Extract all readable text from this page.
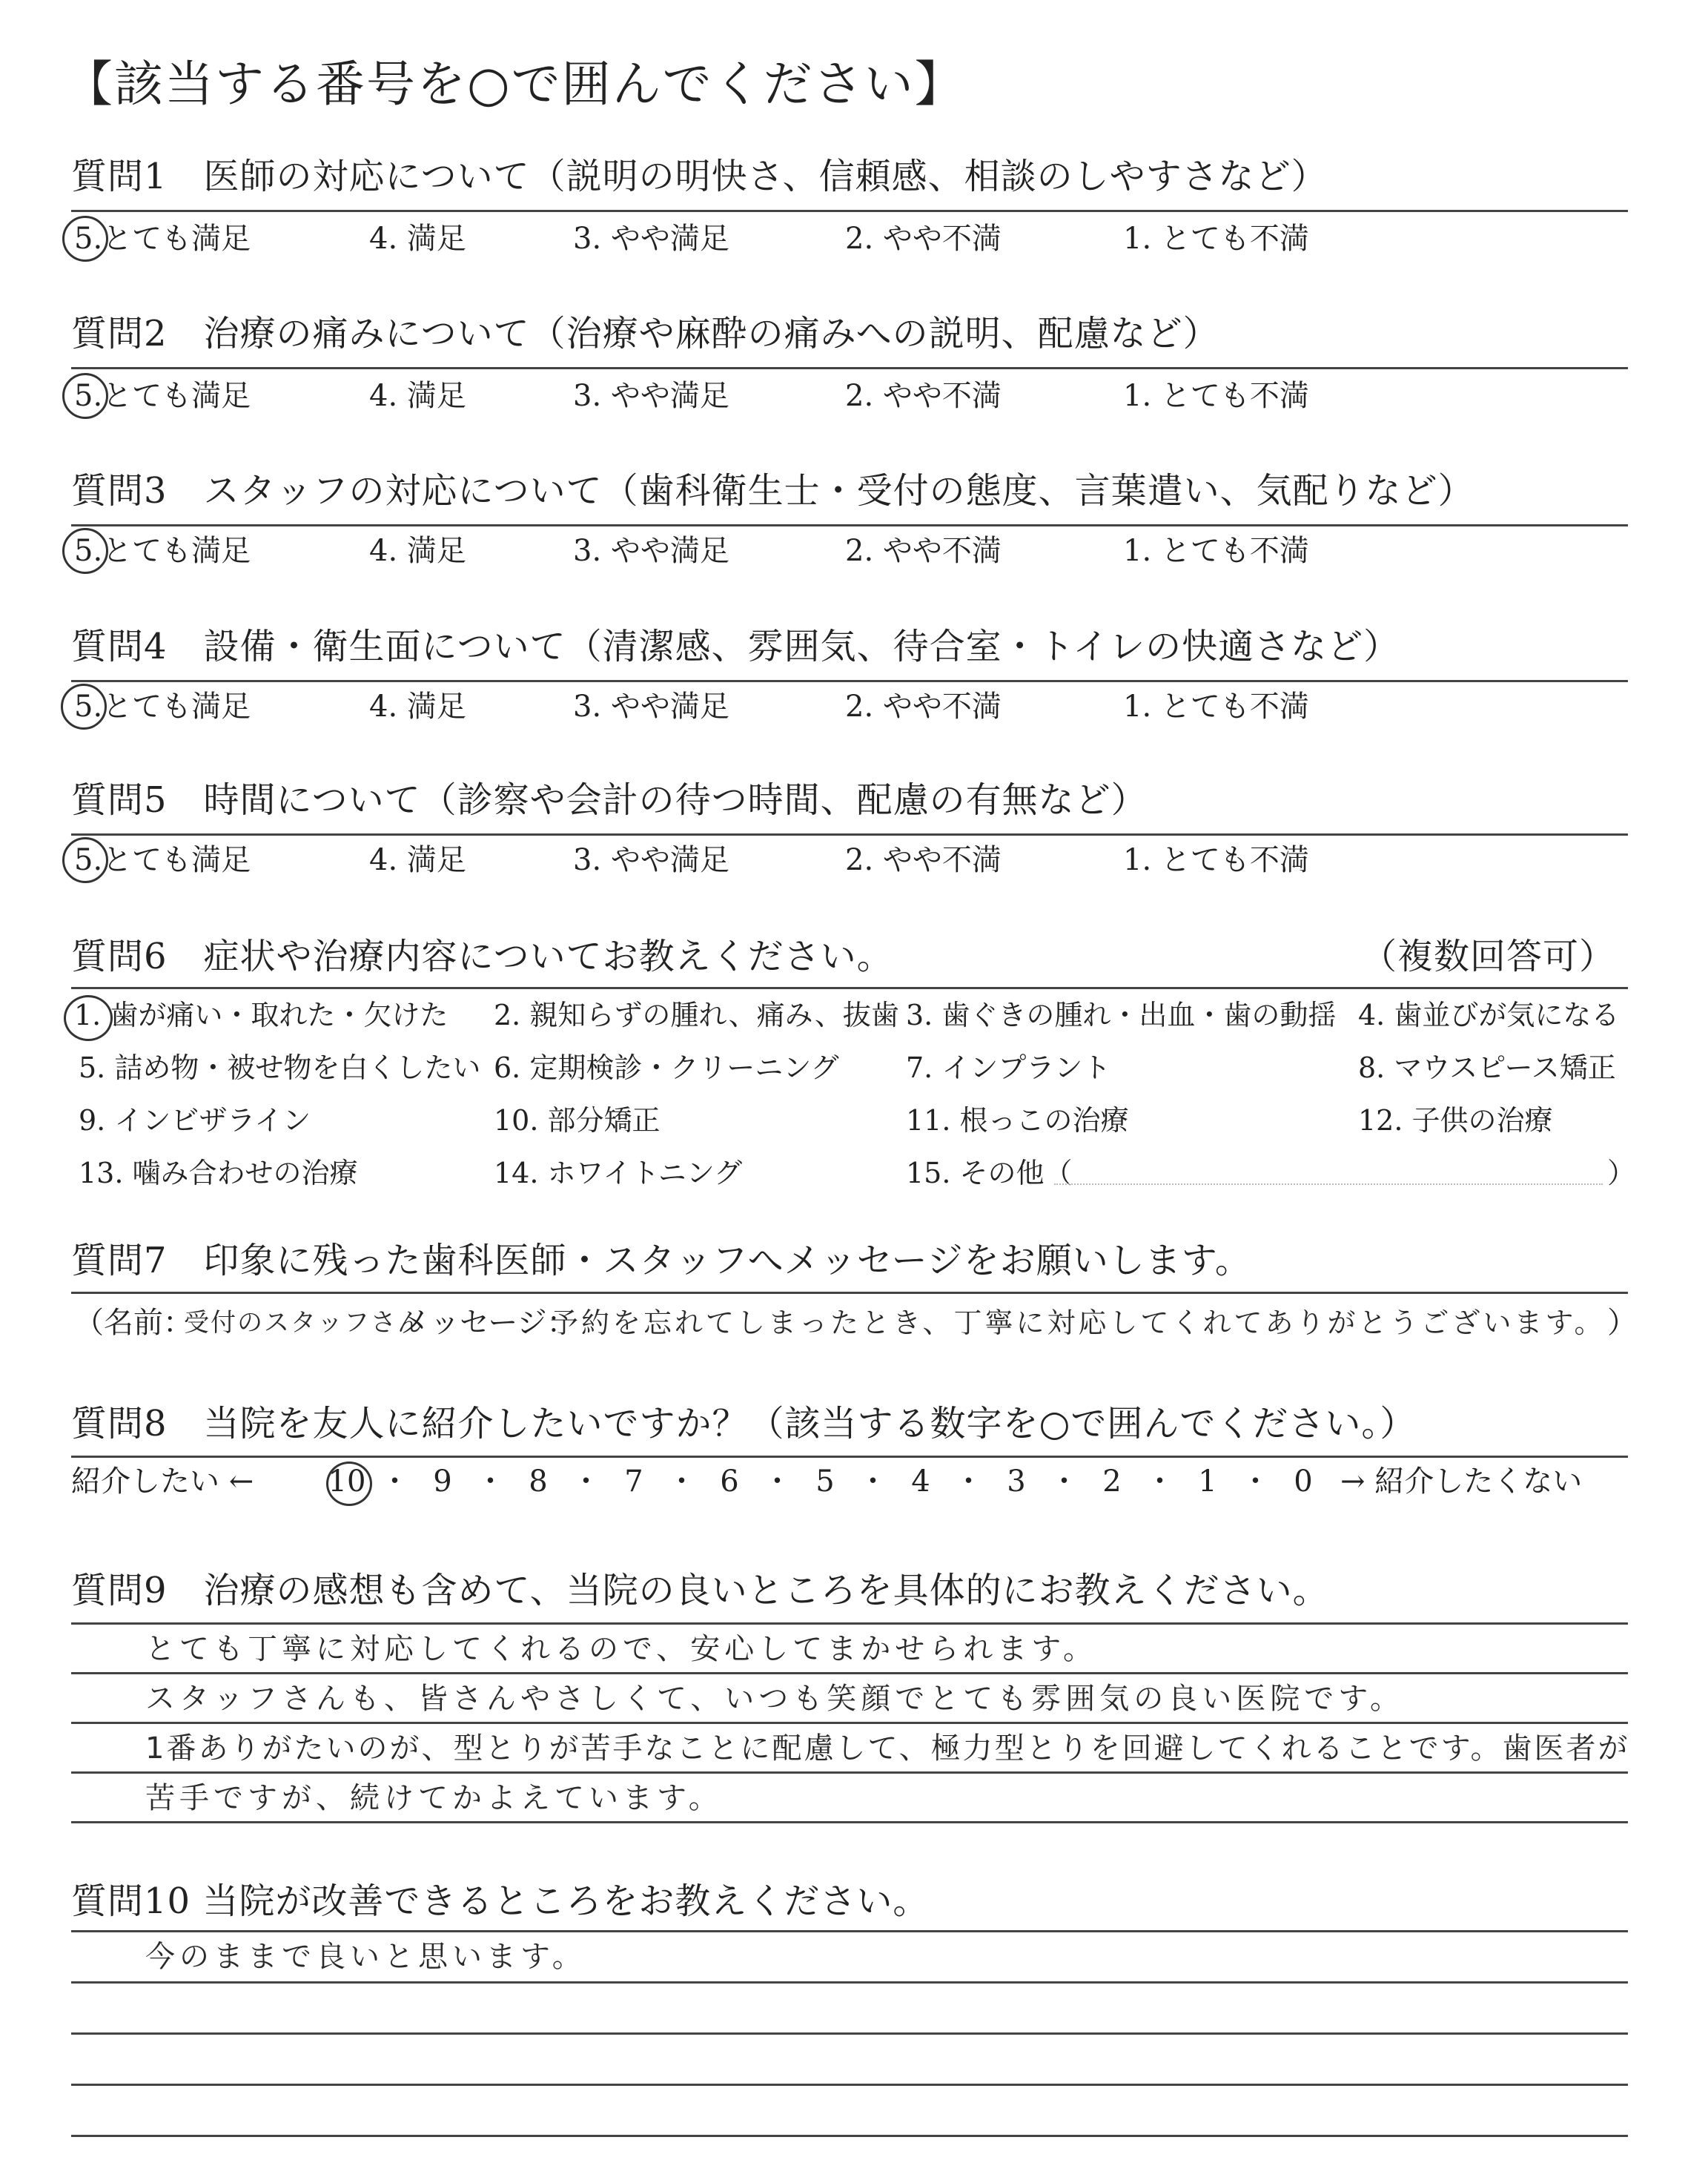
【該当する番号を○で囲んでください】
質問1　医師の対応について（説明の明快さ、信頼感、相談のしやすさなど）
5.とても満足	4. 満足	3. やや満足	2. やや不満	1. とても不満
質問2　治療の痛みについて（治療や麻酔の痛みへの説明、配慮など）
5.とても満足	4. 満足	3. やや満足	2. やや不満	1. とても不満
質問3　スタッフの対応について（歯科衛生士・受付の態度、言葉遣い、気配りなど）
5.とても満足	4. 満足	3. やや満足	2. やや不満	1. とても不満
質問4　設備・衛生面について（清潔感、雰囲気、待合室・トイレの快適さなど）
5.とても満足	4. 満足	3. やや満足	2. やや不満	1. とても不満
質問5　時間について（診察や会計の待つ時間、配慮の有無など）
5.とても満足	4. 満足	3. やや満足	2. やや不満	1. とても不満
質問6　症状や治療内容についてお教えください。	（複数回答可）
1. 歯が痛い・取れた・欠けた 2. 親知らずの腫れ、痛み、抜歯 3. 歯ぐきの腫れ・出血・歯の動揺 4. 歯並びが気になる
5. 詰め物・被せ物を白くしたい 6. 定期検診・クリーニング 7. インプラント	8. マウスピース矯正
9. インビザライン	10. 部分矯正	11. 根っこの治療	12. 子供の治療
13. 噛み合わせの治療	14. ホワイトニング	15. その他（	）
質問7　印象に残った歯科医師・スタッフへメッセージをお願いします。
（名前：
受付のスタッフさん
メッセージ：
予約を忘れてしまったとき、丁寧に対応してくれてありがとうございます。 ）
質問8　当院を友人に紹介したいですか？（該当する数字を○で囲んでください。）
紹介したい ←	→ 紹介したくない
10 ・ 9 ・ 8 ・ 7 ・ 6 ・ 5 ・ 4 ・ 3 ・ 2 ・ 1 ・ 0
質問9　治療の感想も含めて、当院の良いところを具体的にお教えください。
とても丁寧に対応してくれるので、安心してまかせられます。
スタッフさんも、皆さんやさしくて、いつも笑顔でとても雰囲気の良い医院です。
1番ありがたいのが、型とりが苦手なことに配慮して、極力型とりを回避してくれることです。歯医者が
苦手ですが、続けてかよえています。
質問10 当院が改善できるところをお教えください。
今のままで良いと思います。
